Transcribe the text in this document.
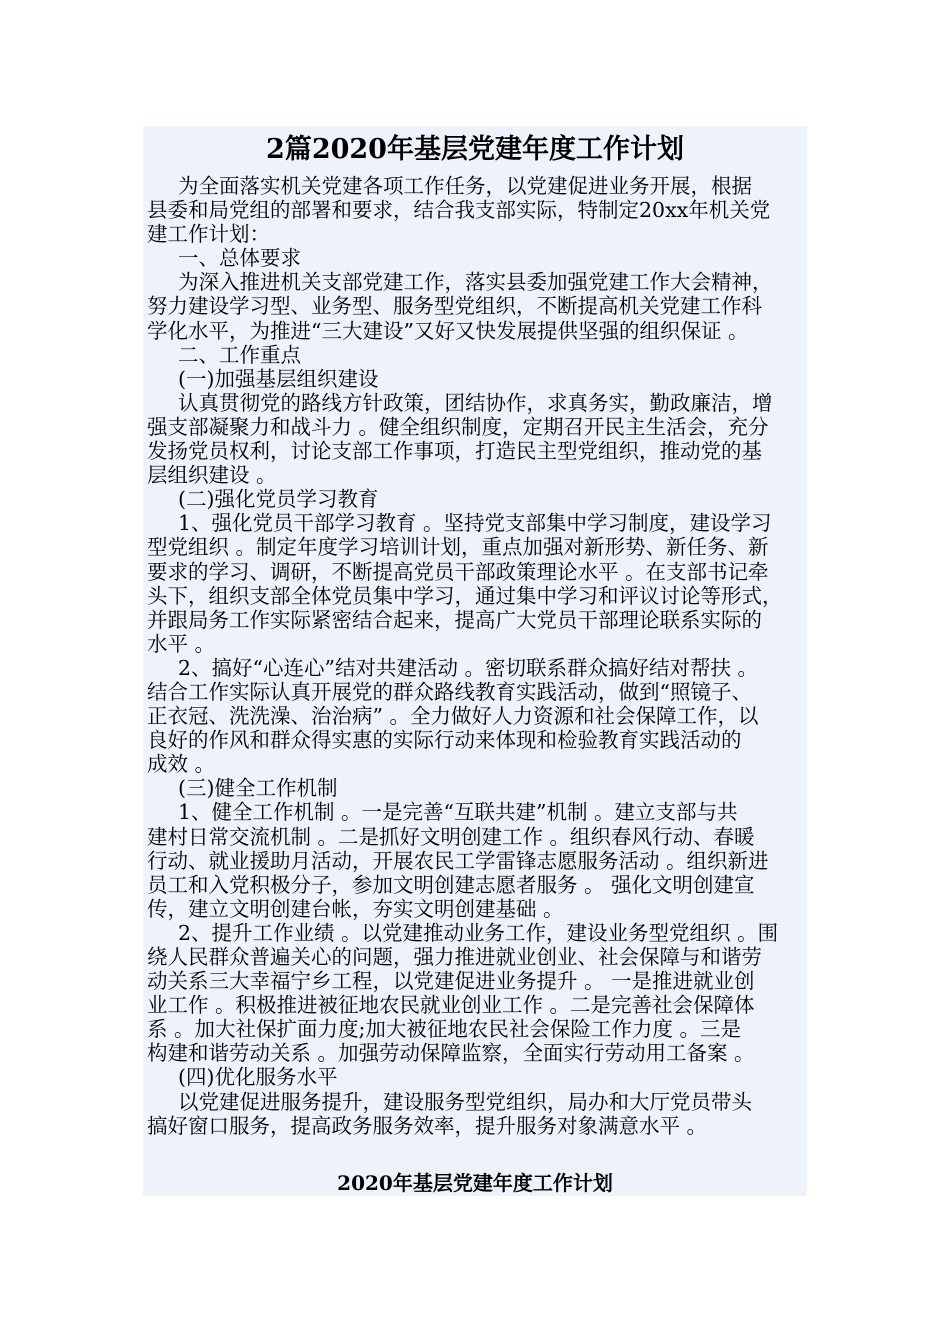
2篇2020年基层党建年度工作计划
为全面落实机关党建各项工作任务，以党建促进业务开展，根据
县委和局党组的部署和要求，结合我支部实际，特制定20xx年机关党
建工作计划：
一、总体要求
为深入推进机关支部党建工作，落实县委加强党建工作大会精神，
努力建设学习型、业务型、服务型党组织，不断提高机关党建工作科
学化水平，为推进“三大建设”又好又快发展提供坚强的组织保证 。
二、工作重点
(一)加强基层组织建设
认真贯彻党的路线方针政策，团结协作，求真务实，勤政廉洁，增
强支部凝聚力和战斗力 。健全组织制度，定期召开民主生活会，充分
发扬党员权利，讨论支部工作事项，打造民主型党组织，推动党的基
层组织建设 。
(二)强化党员学习教育
1、强化党员干部学习教育 。坚持党支部集中学习制度，建设学习
型党组织 。制定年度学习培训计划，重点加强对新形势、新任务、新
要求的学习、调研，不断提高党员干部政策理论水平 。在支部书记牵
头下，组织支部全体党员集中学习，通过集中学习和评议讨论等形式，
并跟局务工作实际紧密结合起来，提高广大党员干部理论联系实际的
水平 。
2、搞好“心连心”结对共建活动 。密切联系群众搞好结对帮扶 。
结合工作实际认真开展党的群众路线教育实践活动，做到“照镜子、
正衣冠、洗洗澡、治治病” 。全力做好人力资源和社会保障工作，以
良好的作风和群众得实惠的实际行动来体现和检验教育实践活动的
成效 。
(三)健全工作机制
1、健全工作机制 。一是完善“互联共建”机制 。建立支部与共
建村日常交流机制 。二是抓好文明创建工作 。组织春风行动、春暖
行动、就业援助月活动，开展农民工学雷锋志愿服务活动 。组织新进
员工和入党积极分子，参加文明创建志愿者服务 。 强化文明创建宣
传，建立文明创建台帐，夯实文明创建基础 。
2、提升工作业绩 。以党建推动业务工作，建设业务型党组织 。围
绕人民群众普遍关心的问题，强力推进就业创业、社会保障与和谐劳
动关系三大幸福宁乡工程，以党建促进业务提升 。 一是推进就业创
业工作 。积极推进被征地农民就业创业工作 。二是完善社会保障体
系 。加大社保扩面力度;加大被征地农民社会保险工作力度 。三是
构建和谐劳动关系 。加强劳动保障监察，全面实行劳动用工备案 。
(四)优化服务水平
以党建促进服务提升，建设服务型党组织，局办和大厅党员带头
搞好窗口服务，提高政务服务效率，提升服务对象满意水平 。
2020年基层党建年度工作计划
